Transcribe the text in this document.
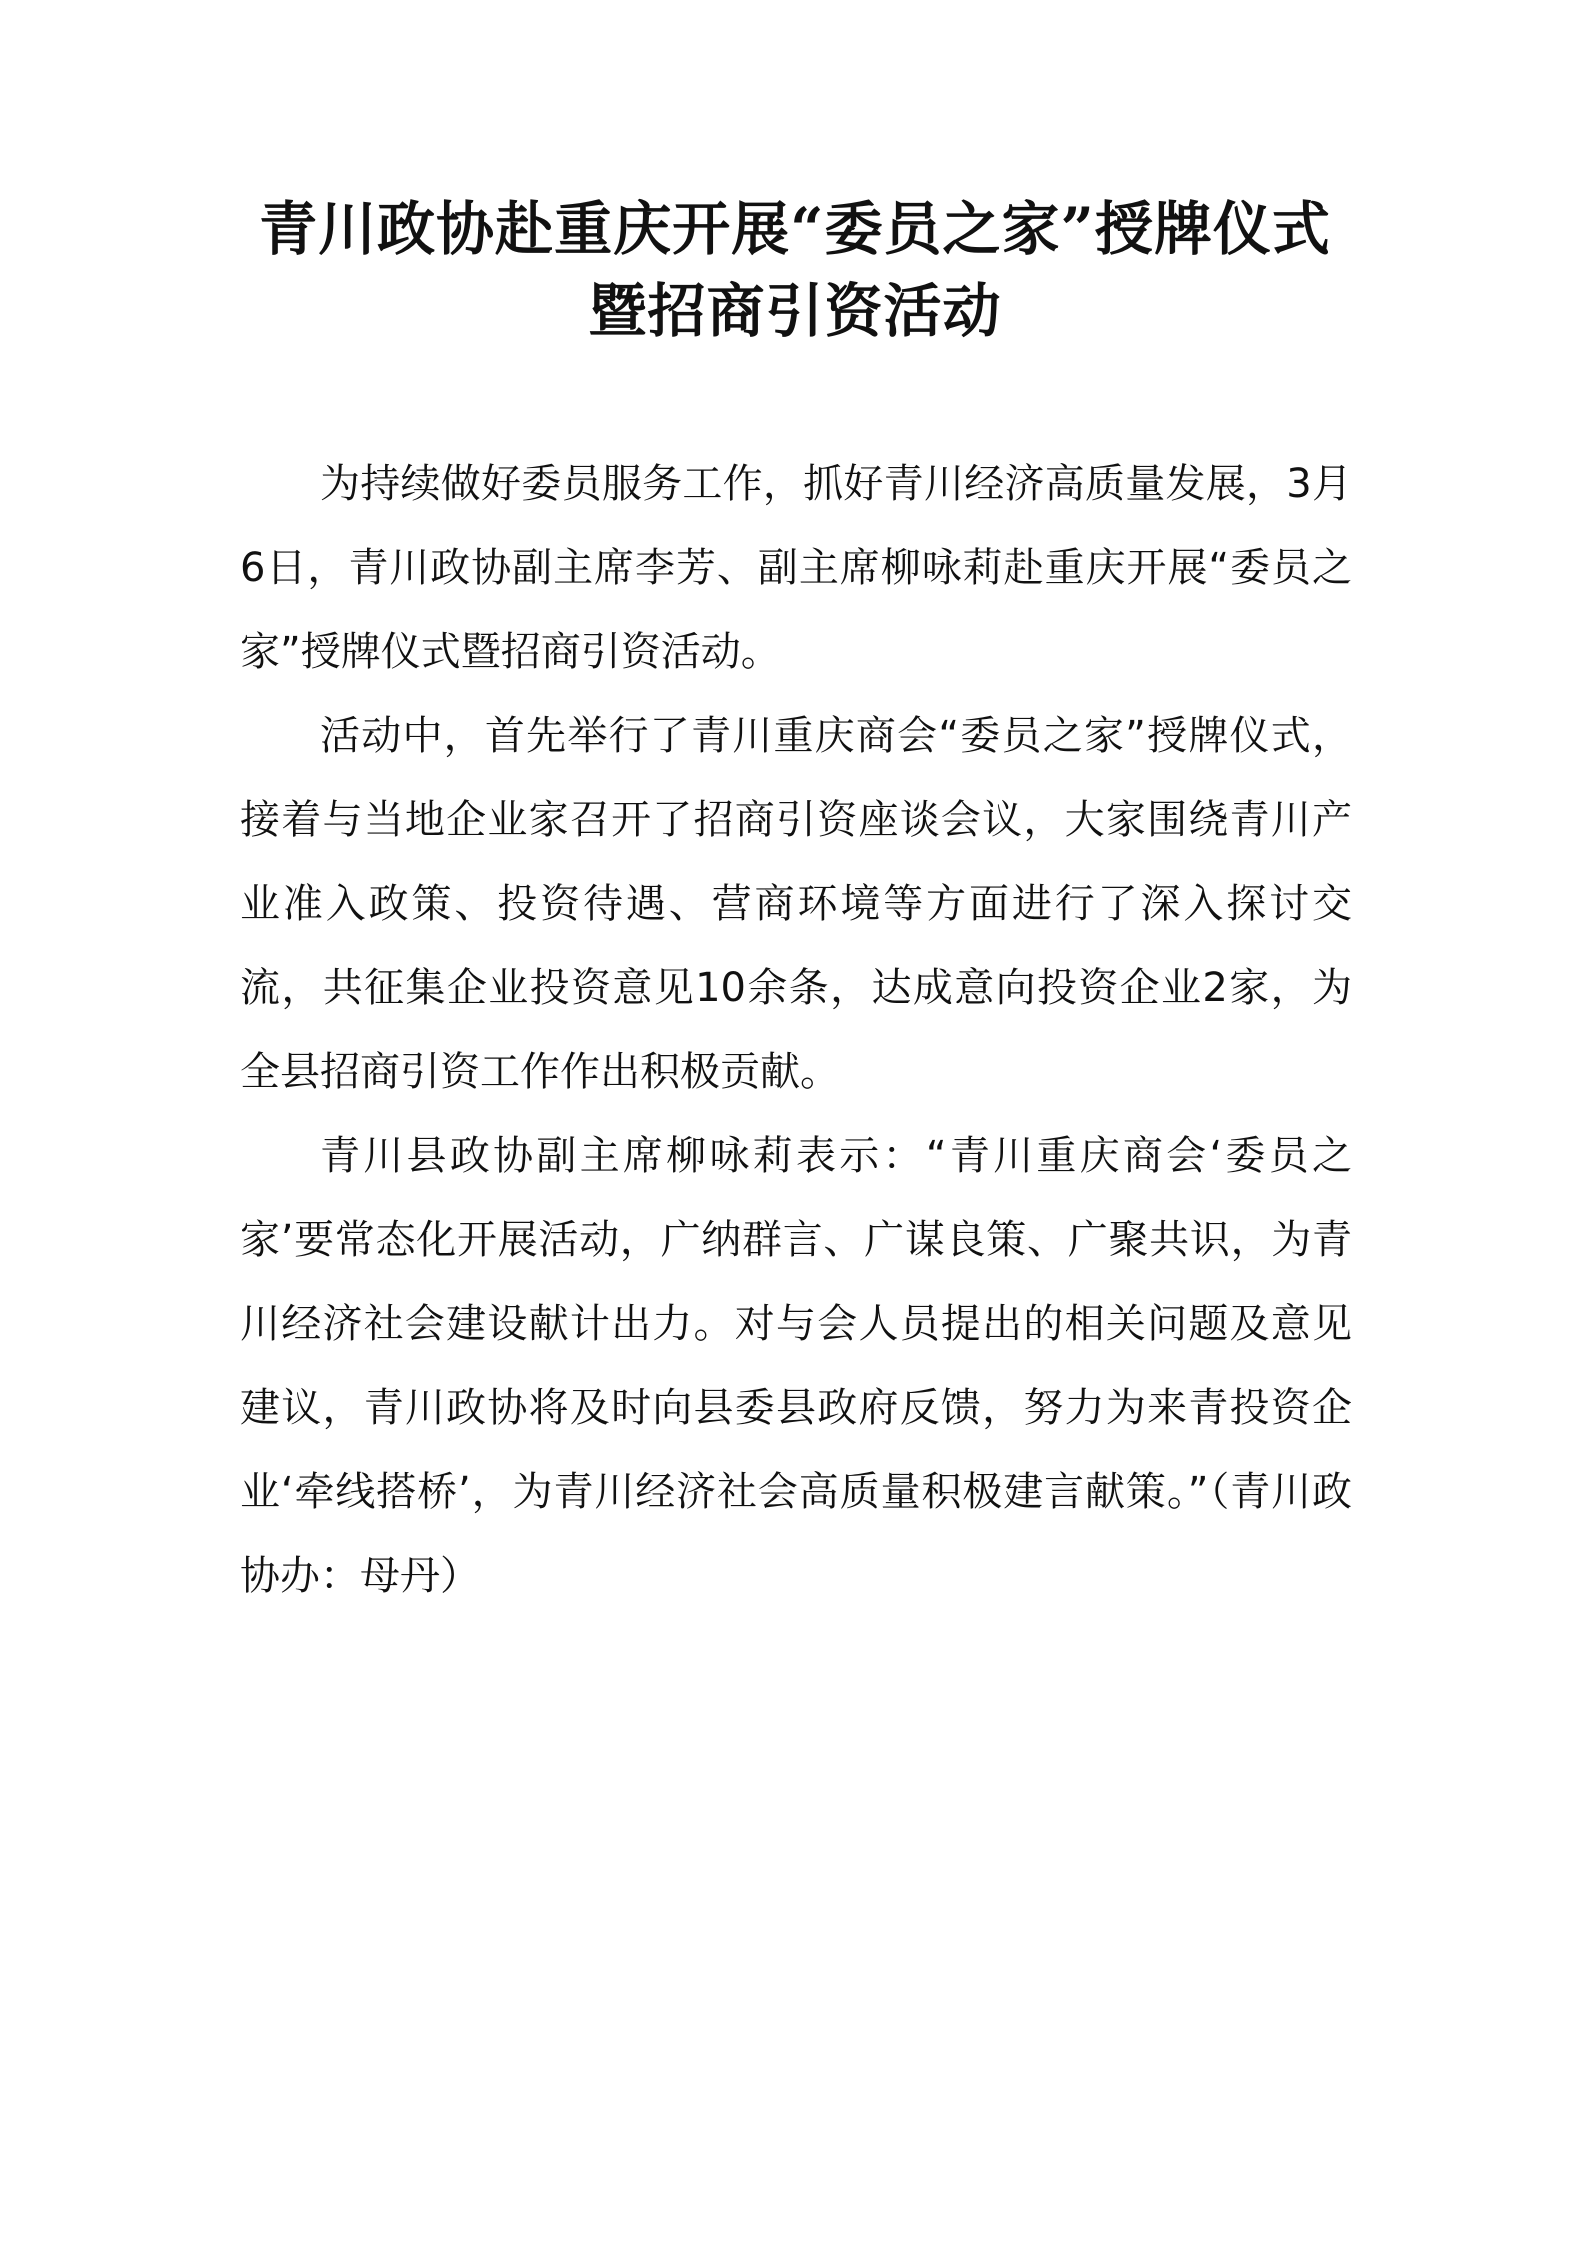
青川政协赴重庆开展“委员之家”授牌仪式
暨招商引资活动

为持续做好委员服务工作，抓好青川经济高质量发展，3月6日，青川政协副主席李芳、副主席柳咏莉赴重庆开展“委员之家”授牌仪式暨招商引资活动。

活动中，首先举行了青川重庆商会“委员之家”授牌仪式，接着与当地企业家召开了招商引资座谈会议，大家围绕青川产业准入政策、投资待遇、营商环境等方面进行了深入探讨交流，共征集企业投资意见10余条，达成意向投资企业2家，为全县招商引资工作作出积极贡献。

青川县政协副主席柳咏莉表示：“青川重庆商会‘委员之家’要常态化开展活动，广纳群言、广谋良策、广聚共识，为青川经济社会建设献计出力。对与会人员提出的相关问题及意见建议，青川政协将及时向县委县政府反馈，努力为来青投资企业‘牵线搭桥’，为青川经济社会高质量积极建言献策。”（青川政协办：母丹）
